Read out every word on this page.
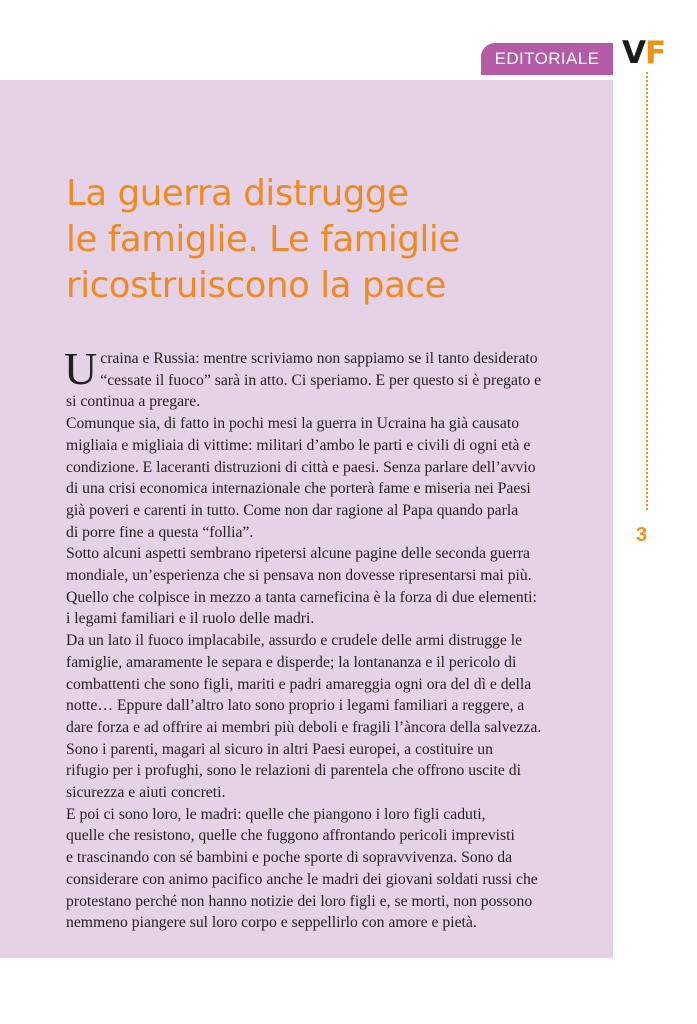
EDITORIALE VF
3
La guerra distrugge
le famiglie. Le famiglie
ricostruiscono la pace
U craina e Russia: mentre scriviamo non sappiamo se il tanto desiderato
“cessate il fuoco” sarà in atto. Ci speriamo. E per questo si è pregato e
si continua a pregare.
Comunque sia, di fatto in pochi mesi la guerra in Ucraina ha già causato
migliaia e migliaia di vittime: militari d’ambo le parti e civili di ogni età e
condizione. E laceranti distruzioni di città e paesi. Senza parlare dell’avvio
di una crisi economica internazionale che porterà fame e miseria nei Paesi
già poveri e carenti in tutto. Come non dar ragione al Papa quando parla
di porre fine a questa “follia”.
Sotto alcuni aspetti sembrano ripetersi alcune pagine delle seconda guerra
mondiale, un’esperienza che si pensava non dovesse ripresentarsi mai più.
Quello che colpisce in mezzo a tanta carneficina è la forza di due elementi:
i legami familiari e il ruolo delle madri.
Da un lato il fuoco implacabile, assurdo e crudele delle armi distrugge le
famiglie, amaramente le separa e disperde; la lontananza e il pericolo di
combattenti che sono figli, mariti e padri amareggia ogni ora del dì e della
notte… Eppure dall’altro lato sono proprio i legami familiari a reggere, a
dare forza e ad offrire ai membri più deboli e fragili l’àncora della salvezza.
Sono i parenti, magari al sicuro in altri Paesi europei, a costituire un
rifugio per i profughi, sono le relazioni di parentela che offrono uscite di
sicurezza e aiuti concreti.
E poi ci sono loro, le madri: quelle che piangono i loro figli caduti,
quelle che resistono, quelle che fuggono affrontando pericoli imprevisti
e trascinando con sé bambini e poche sporte di sopravvivenza. Sono da
considerare con animo pacifico anche le madri dei giovani soldati russi che
protestano perché non hanno notizie dei loro figli e, se morti, non possono
nemmeno piangere sul loro corpo e seppellirlo con amore e pietà.
